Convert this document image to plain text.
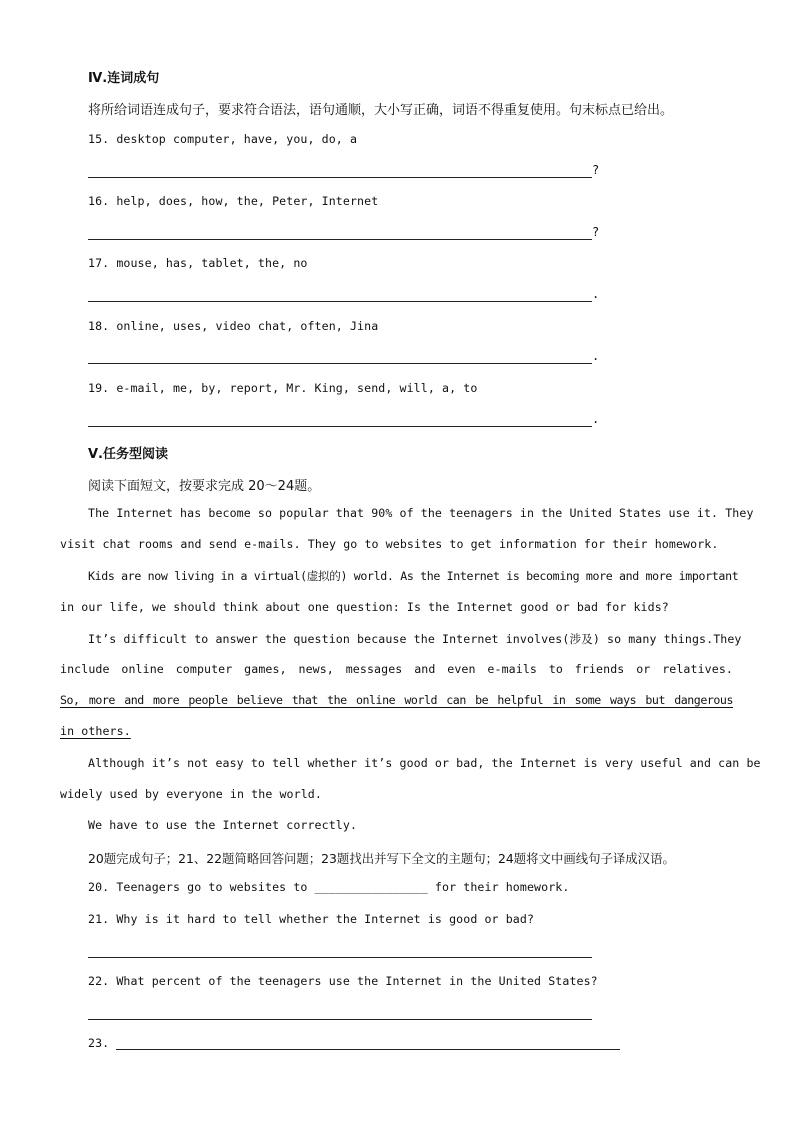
Ⅳ.连词成句
将所给词语连成句子，要求符合语法，语句通顺，大小写正确，词语不得重复使用。句末标点已给出。
15. desktop computer, have, you, do, a
?
16. help, does, how, the, Peter, Internet
?
17. mouse, has, tablet, the, no
.
18. online, uses, video chat, often, Jina
.
19. e-mail, me, by, report, Mr. King, send, will, a, to
.
Ⅴ.任务型阅读
阅读下面短文，按要求完成 20～24题。
The Internet has become so popular that 90% of the teenagers in the United States use it. They
visit chat rooms and send e-mails. They go to websites to get information for their homework.
Kids are now living in a virtual(虚拟的) world. As the Internet is becoming more and more important
in our life, we should think about one question: Is the Internet good or bad for kids?
It’s difficult to answer the question because the Internet involves(涉及) so many things.They
include online computer games, news, messages and even e‐mails to friends or relatives.
So, more and more people believe that the online world can be helpful in some ways but dangerous
in others.
Although it’s not easy to tell whether it’s good or bad, the Internet is very useful and can be
widely used by everyone in the world.
We have to use the Internet correctly.
20题完成句子；21、22题简略回答问题；23题找出并写下全文的主题句；24题将文中画线句子译成汉语。
20. Teenagers go to websites to ________________ for their homework.
21. Why is it hard to tell whether the Internet is good or bad?
22. What percent of the teenagers use the Internet in the United States?
23.
